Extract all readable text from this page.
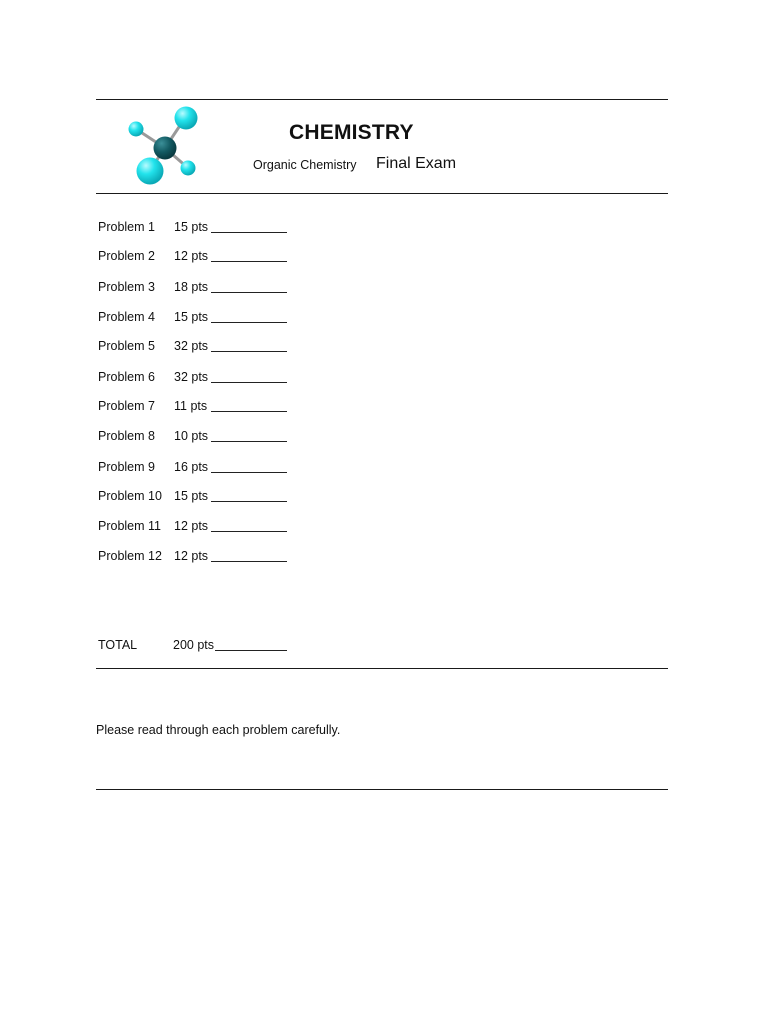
CHEMISTRY
Organic Chemistry Final Exam
Problem 1 15 pts
Problem 2 12 pts
Problem 3 18 pts
Problem 4 15 pts
Problem 5 32 pts
Problem 6 32 pts
Problem 7 11 pts
Problem 8 10 pts
Problem 9 16 pts
Problem 10 15 pts
Problem 11 12 pts
Problem 12 12 pts
TOTAL	200 pts
Please read through each problem carefully.
